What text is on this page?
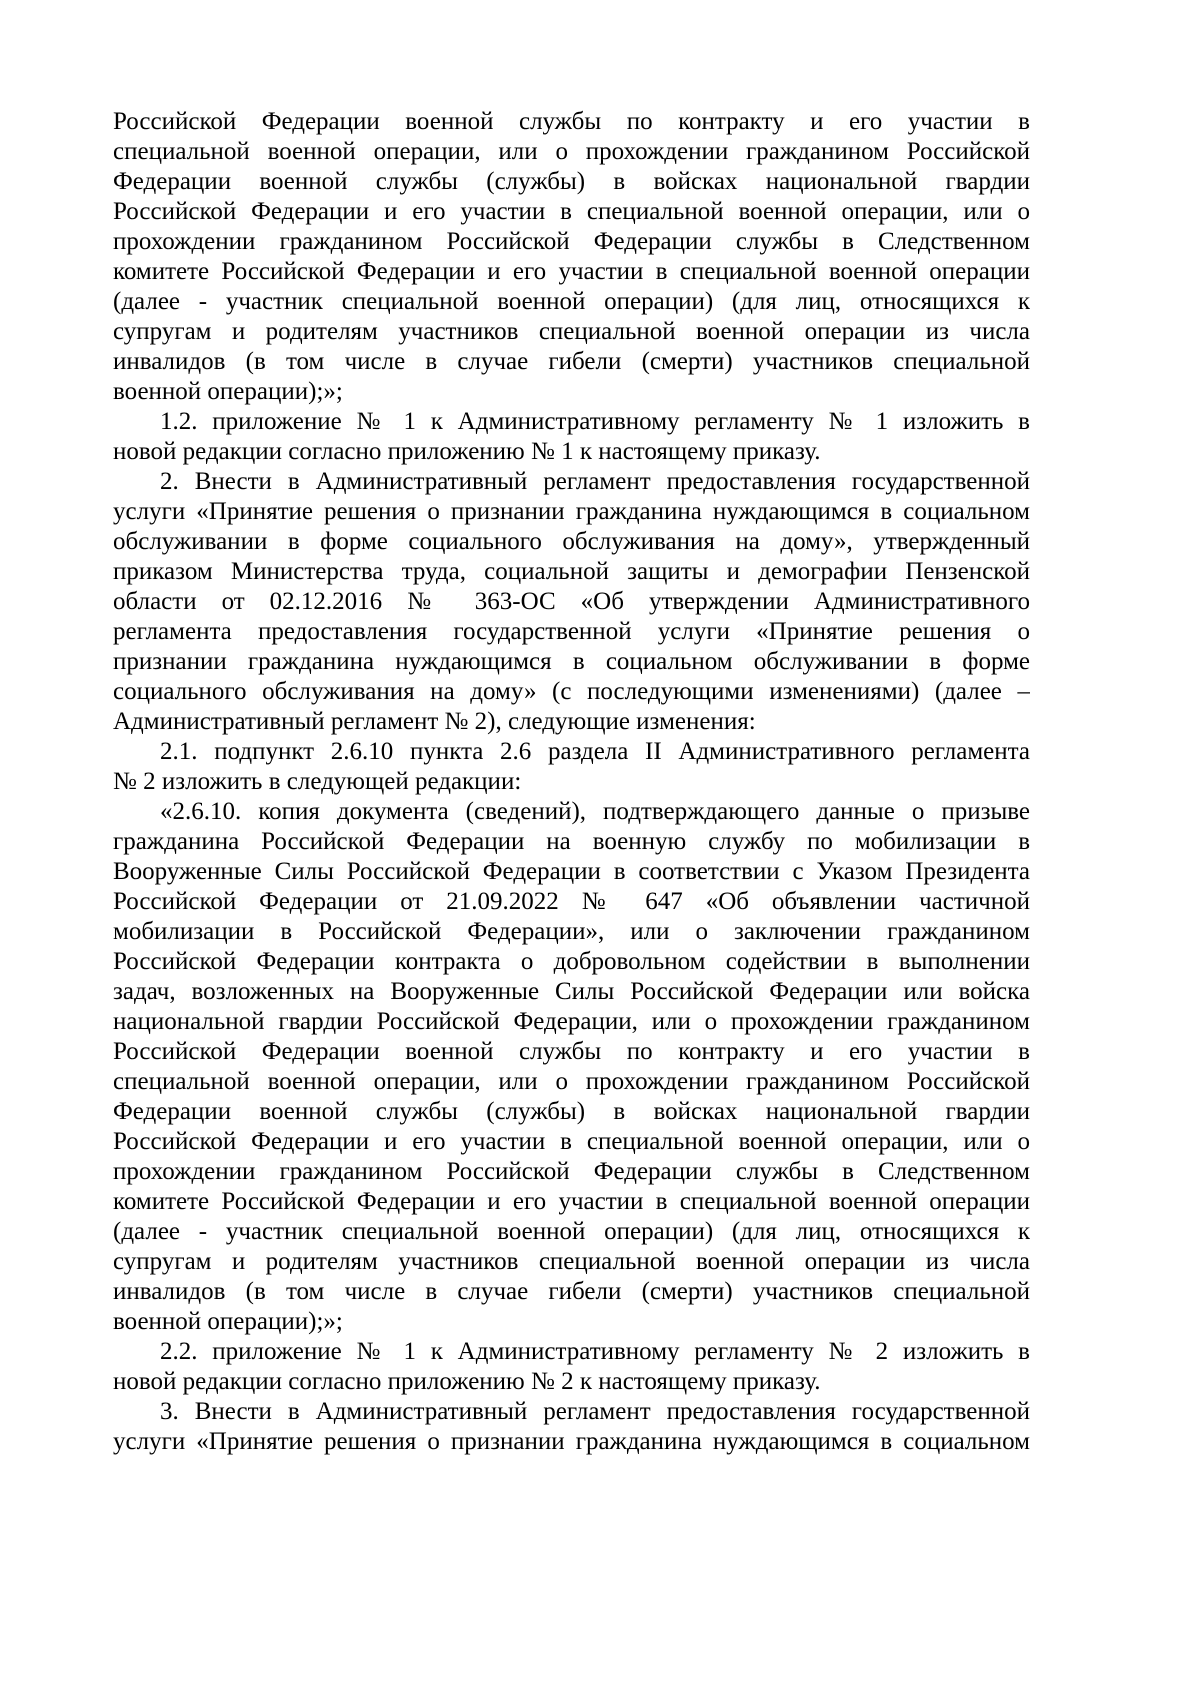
Российской Федерации военной службы по контракту и его участии в
специальной военной операции, или о прохождении гражданином Российской
Федерации военной службы (службы) в войсках национальной гвардии
Российской Федерации и его участии в специальной военной операции, или о
прохождении гражданином Российской Федерации службы в Следственном
комитете Российской Федерации и его участии в специальной военной операции
(далее - участник специальной военной операции) (для лиц, относящихся к
супругам и родителям участников специальной военной операции из числа
инвалидов (в том числе в случае гибели (смерти) участников специальной
военной операции);»;
1.2. приложение № 1 к Административному регламенту № 1 изложить в
новой редакции согласно приложению № 1 к настоящему приказу.
2. Внести в Административный регламент предоставления государственной
услуги «Принятие решения о признании гражданина нуждающимся в социальном
обслуживании в форме социального обслуживания на дому», утвержденный
приказом Министерства труда, социальной защиты и демографии Пензенской
области от 02.12.2016 № 363-ОС «Об утверждении Административного
регламента предоставления государственной услуги «Принятие решения о
признании гражданина нуждающимся в социальном обслуживании в форме
социального обслуживания на дому» (с последующими изменениями) (далее –
Административный регламент № 2), следующие изменения:
2.1. подпункт 2.6.10 пункта 2.6 раздела II Административного регламента
№ 2 изложить в следующей редакции:
«2.6.10. копия документа (сведений), подтверждающего данные о призыве
гражданина Российской Федерации на военную службу по мобилизации в
Вооруженные Силы Российской Федерации в соответствии с Указом Президента
Российской Федерации от 21.09.2022 № 647 «Об объявлении частичной
мобилизации в Российской Федерации», или о заключении гражданином
Российской Федерации контракта о добровольном содействии в выполнении
задач, возложенных на Вооруженные Силы Российской Федерации или войска
национальной гвардии Российской Федерации, или о прохождении гражданином
Российской Федерации военной службы по контракту и его участии в
специальной военной операции, или о прохождении гражданином Российской
Федерации военной службы (службы) в войсках национальной гвардии
Российской Федерации и его участии в специальной военной операции, или о
прохождении гражданином Российской Федерации службы в Следственном
комитете Российской Федерации и его участии в специальной военной операции
(далее - участник специальной военной операции) (для лиц, относящихся к
супругам и родителям участников специальной военной операции из числа
инвалидов (в том числе в случае гибели (смерти) участников специальной
военной операции);»;
2.2. приложение № 1 к Административному регламенту № 2 изложить в
новой редакции согласно приложению № 2 к настоящему приказу.
3. Внести в Административный регламент предоставления государственной
услуги «Принятие решения о признании гражданина нуждающимся в социальном
